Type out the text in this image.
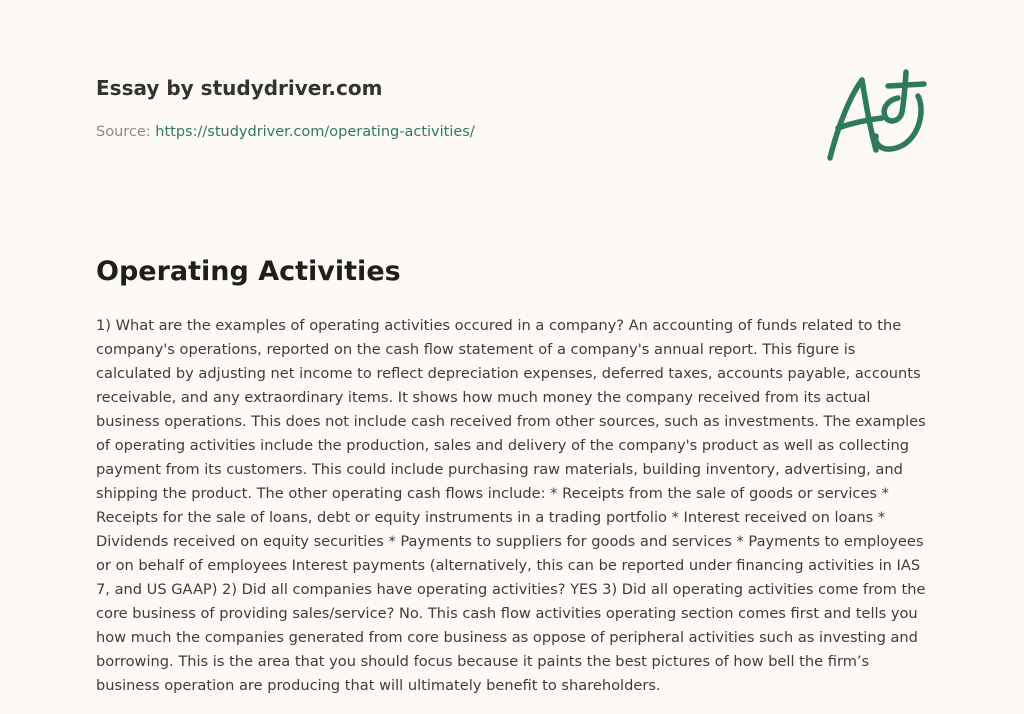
Essay by studydriver.com
Source: https://studydriver.com/operating-activities/
Operating Activities

1) What are the examples of operating activities occured in a company? An accounting of funds related to the company's operations, reported on the cash flow statement of a company's annual report. This figure is calculated by adjusting net income to reflect depreciation expenses, deferred taxes, accounts payable, accounts receivable, and any extraordinary items. It shows how much money the company received from its actual business operations. This does not include cash received from other sources, such as investments. The examples of operating activities include the production, sales and delivery of the company's product as well as collecting payment from its customers. This could include purchasing raw materials, building inventory, advertising, and shipping the product. The other operating cash flows include: * Receipts from the sale of goods or services * Receipts for the sale of loans, debt or equity instruments in a trading portfolio * Interest received on loans * Dividends received on equity securities * Payments to suppliers for goods and services * Payments to employees or on behalf of employees Interest payments (alternatively, this can be reported under financing activities in IAS 7, and US GAAP) 2) Did all companies have operating activities? YES 3) Did all operating activities come from the core business of providing sales/service? No. This cash flow activities operating section comes first and tells you how much the companies generated from core business as oppose of peripheral activities such as investing and borrowing. This is the area that you should focus because it paints the best pictures of how bell the firm’s business operation are producing that will ultimately benefit to shareholders.
